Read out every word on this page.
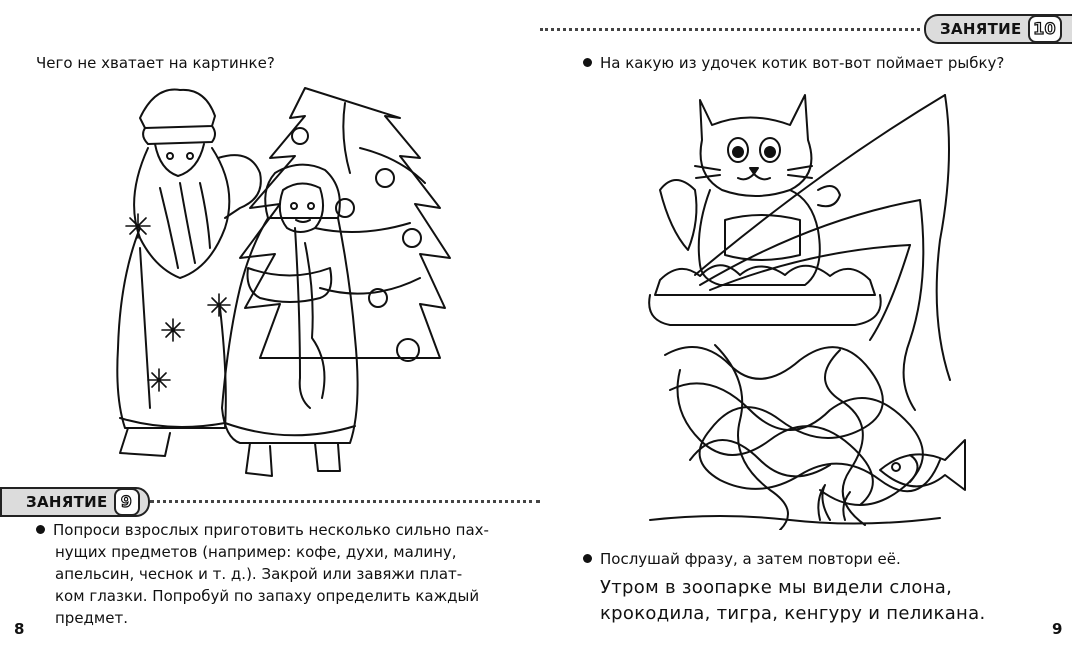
Чего не хватает на картинке?
ЗАНЯТИЕ 9
Попроси взрослых приготовить несколько сильно пах-
нущих предметов (например: кофе, духи, малину,
апельсин, чеснок и т. д.). Закрой или завяжи плат-
ком глазки. Попробуй по запаху определить каждый
предмет.
8
ЗАНЯТИЕ 10
На какую из удочек котик вот-вот поймает рыбку?
Послушай фразу, а затем повтори её.
Утром в зоопарке мы видели слона,
крокодила, тигра, кенгуру и пеликана.
9
